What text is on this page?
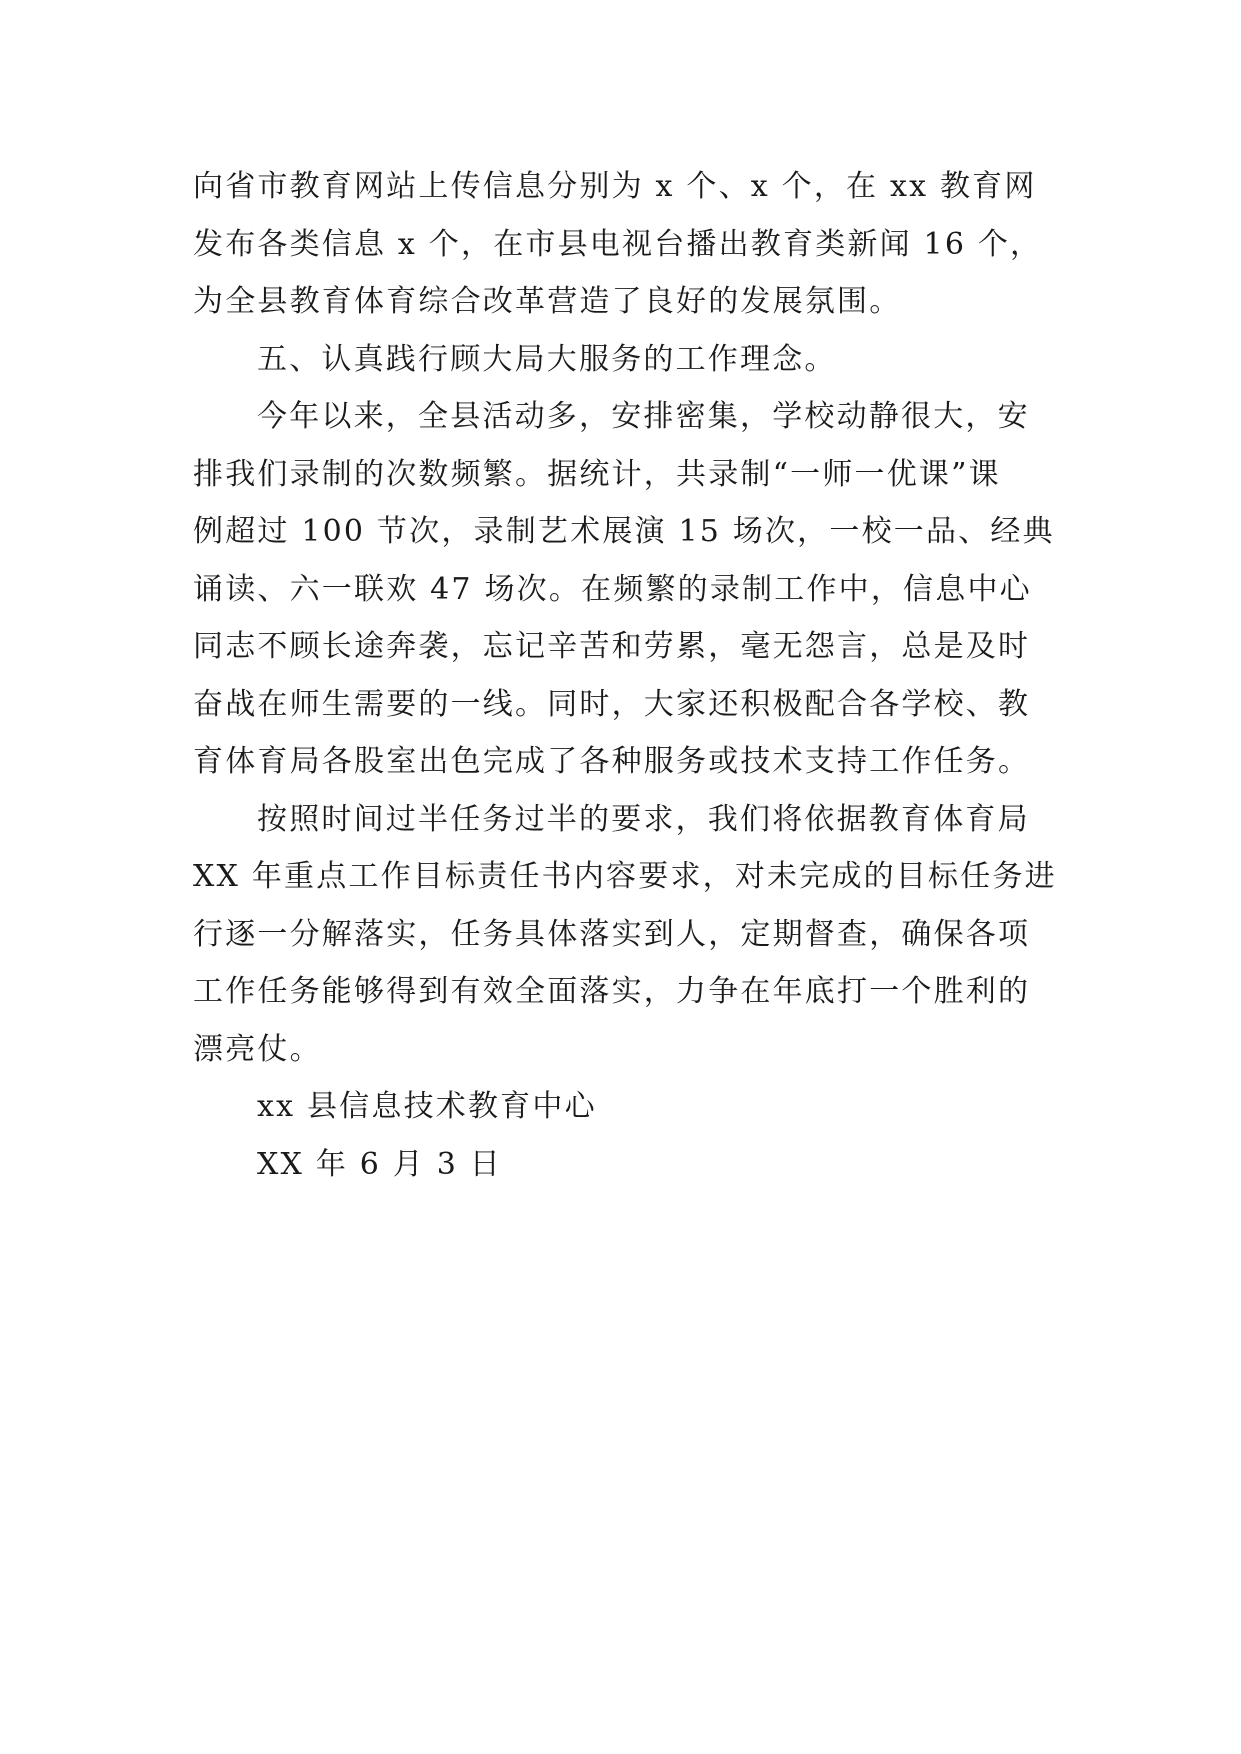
向省市教育网站上传信息分别为 x 个、x 个，在 xx 教育网
发布各类信息 x 个，在市县电视台播出教育类新闻 16 个，
为全县教育体育综合改革营造了良好的发展氛围。
五、认真践行顾大局大服务的工作理念。
今年以来，全县活动多，安排密集，学校动静很大，安
排我们录制的次数频繁。据统计，共录制“一师一优课”课
例超过 100 节次，录制艺术展演 15 场次，一校一品、经典
诵读、六一联欢 47 场次。在频繁的录制工作中，信息中心
同志不顾长途奔袭，忘记辛苦和劳累，毫无怨言，总是及时
奋战在师生需要的一线。同时，大家还积极配合各学校、教
育体育局各股室出色完成了各种服务或技术支持工作任务。
按照时间过半任务过半的要求，我们将依据教育体育局
XX 年重点工作目标责任书内容要求，对未完成的目标任务进
行逐一分解落实，任务具体落实到人，定期督查，确保各项
工作任务能够得到有效全面落实，力争在年底打一个胜利的
漂亮仗。
xx 县信息技术教育中心
XX 年 6 月 3 日
